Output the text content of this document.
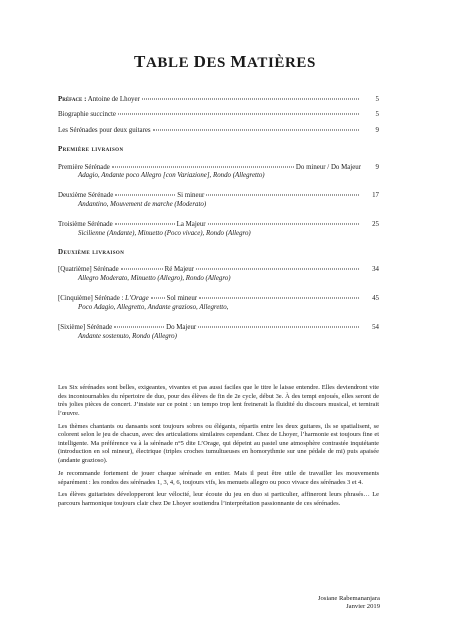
TABLE DES MATIÈRES
Préface : Antoine de Lhoyer	5
Biographie succincte	5
Les Sérénades pour deux guitares	9
Première livraison
Première Sérénade	Do mineur / Do Majeur	9
Adagio, Andante poco Allegro [con Variazione], Rondo (Allegretto)
Deuxième Sérénade	Si mineur	17
Andantino, Mouvement de marche (Moderato)
Troisième Sérénade	La Majeur	25
Sicilienne (Andante), Minuetto (Poco vivace), Rondo (Allegro)
Deuxième livraison
[Quatrième] Sérénade	Ré Majeur	34
Allegro Moderato, Minuetto (Allegro), Rondo (Allegro)
[Cinquième] Sérénade : L’Orage	Sol mineur	45
Poco Adagio, Allegretto, Andante grazioso, Allegretto,
[Sixième] Sérénade	Do Majeur	54
Andante sostenuto, Rondo (Allegro)

Les Six sérénades sont belles, exigeantes, vivantes et pas aussi faciles que le titre le laisse entendre. Elles deviendront vite des incontournables du répertoire de duo, pour des élèves de fin de 2e cycle, début 3e. À des tempi enjoués, elles seront de très jolies pièces de concert. J’insiste sur ce point : un tempo trop lent freinerait la fluidité du discours musical, et ternirait l’œuvre.

Les thèmes chantants ou dansants sont toujours sobres ou élégants, répartis entre les deux guitares, ils se spatialisent, se colorent selon le jeu de chacun, avec des articulations similaires cependant. Chez de Lhoyer, l’harmonie est toujours fine et intelligente. Ma préférence va à la sérénade n°5 dite L’Orage, qui dépeint au pastel une atmosphère contrastée inquiétante (introduction en sol mineur), électrique (triples croches tumultueuses en homorythmie sur une pédale de mi) puis apaisée (andante grazioso).

Je recommande fortement de jouer chaque sérénade en entier. Mais il peut être utile de travailler les mouvements séparément : les rondos des sérénades 1, 3, 4, 6, toujours vifs, les menuets allegro ou poco vivace des sérénades 3 et 4.

Les élèves guitaristes développeront leur vélocité, leur écoute du jeu en duo si particulier, affineront leurs phrasés… Le parcours harmonique toujours clair chez De Lhoyer soutiendra l’interprétation passionnante de ces sérénades.

Josiane Rabemananjara
Janvier 2019
